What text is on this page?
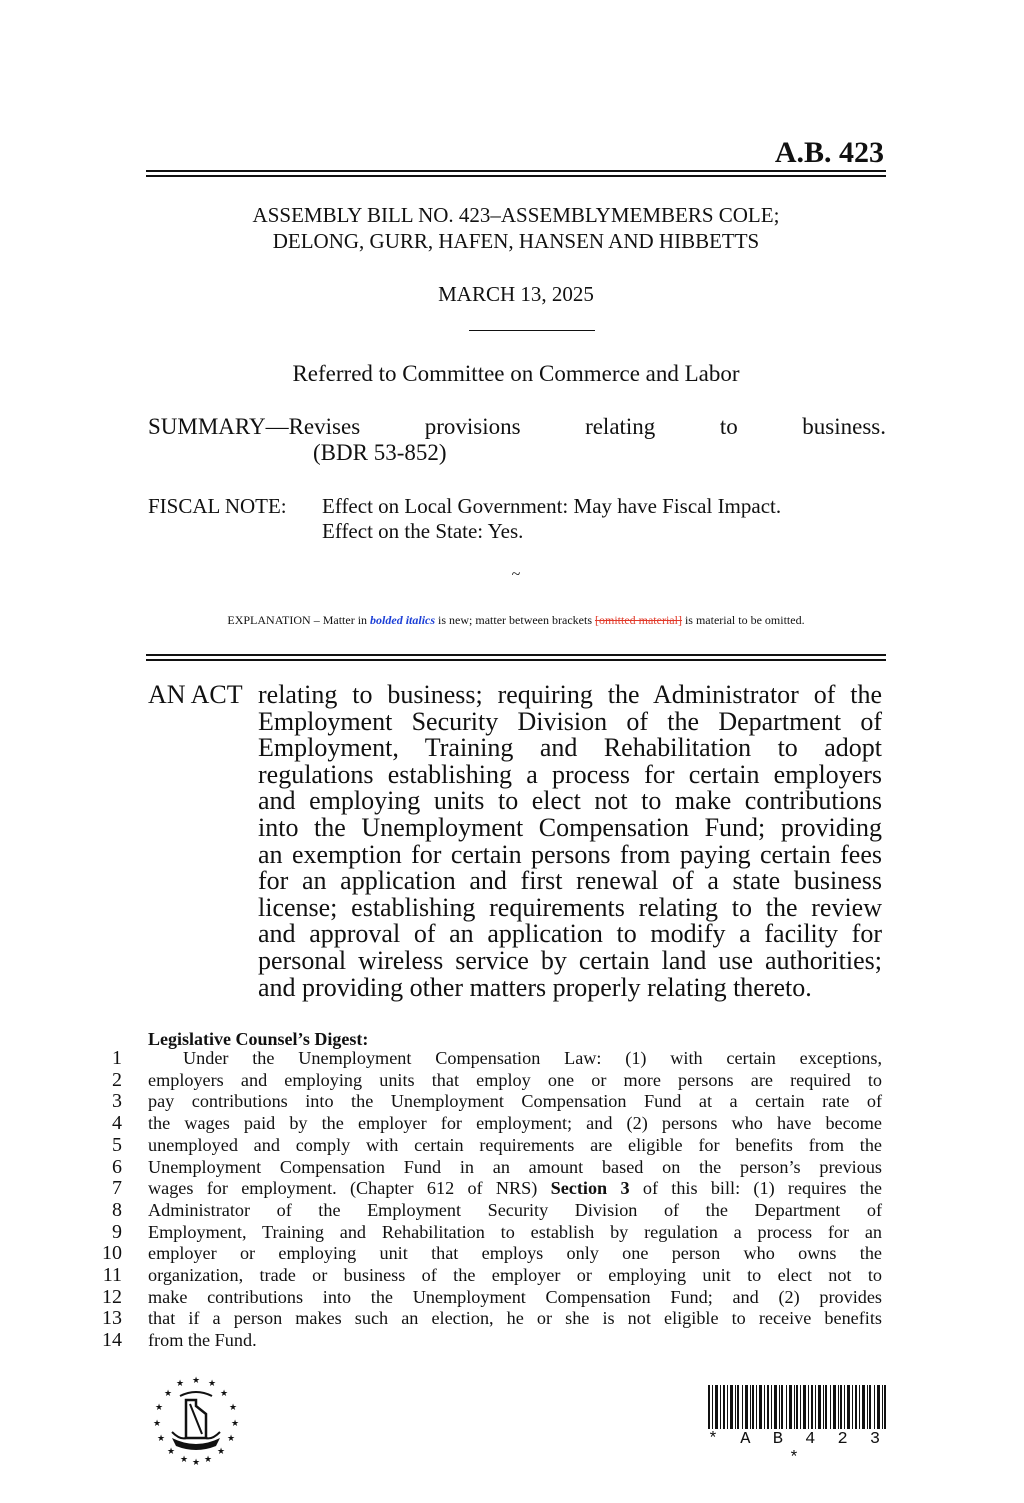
A.B. 423
ASSEMBLY BILL NO. 423–ASSEMBLYMEMBERS COLE;
DELONG, GURR, HAFEN, HANSEN AND HIBBETTS
MARCH 13, 2025
Referred to Committee on Commerce and Labor
SUMMARY—Revises	provisions	relating	to	business.
(BDR 53-852)
FISCAL NOTE: Effect on Local Government: May have Fiscal Impact.
Effect on the State: Yes.
~
EXPLANATION – Matter in bolded italics is new; matter between brackets [omitted material] is material to be omitted.
AN ACT relating to business; requiring the Administrator of the
Employment Security Division of the Department of
Employment, Training and Rehabilitation to adopt
regulations establishing a process for certain employers
and employing units to elect not to make contributions
into the Unemployment Compensation Fund; providing
an exemption for certain persons from paying certain fees
for an application and first renewal of a state business
license; establishing requirements relating to the review
and approval of an application to modify a facility for
personal wireless service by certain land use authorities;
and providing other matters properly relating thereto.
Legislative Counsel’s Digest:
1	Under the Unemployment Compensation Law: (1) with certain exceptions,
2 employers and employing units that employ one or more persons are required to
3 pay contributions into the Unemployment Compensation Fund at a certain rate of
4 the wages paid by the employer for employment; and (2) persons who have become
5 unemployed and comply with certain requirements are eligible for benefits from the
6 Unemployment Compensation Fund in an amount based on the person’s previous
7 wages for employment. (Chapter 612 of NRS) Section 3 of this bill: (1) requires the
8 Administrator of the Employment Security Division of the Department of
9 Employment, Training and Rehabilitation to establish by regulation a process for an
10 employer or employing unit that employs only one person who owns the
11 organization, trade or business of the employer or employing unit to elect not to
12 make contributions into the Unemployment Compensation Fund; and (2) provides
13 that if a person makes such an election, he or she is not eligible to receive benefits
14 from the Fund.
★
★	★
★	★
★	★
★	★
★	★
★	★
★ ★
★
* A B 4 2 3 *
